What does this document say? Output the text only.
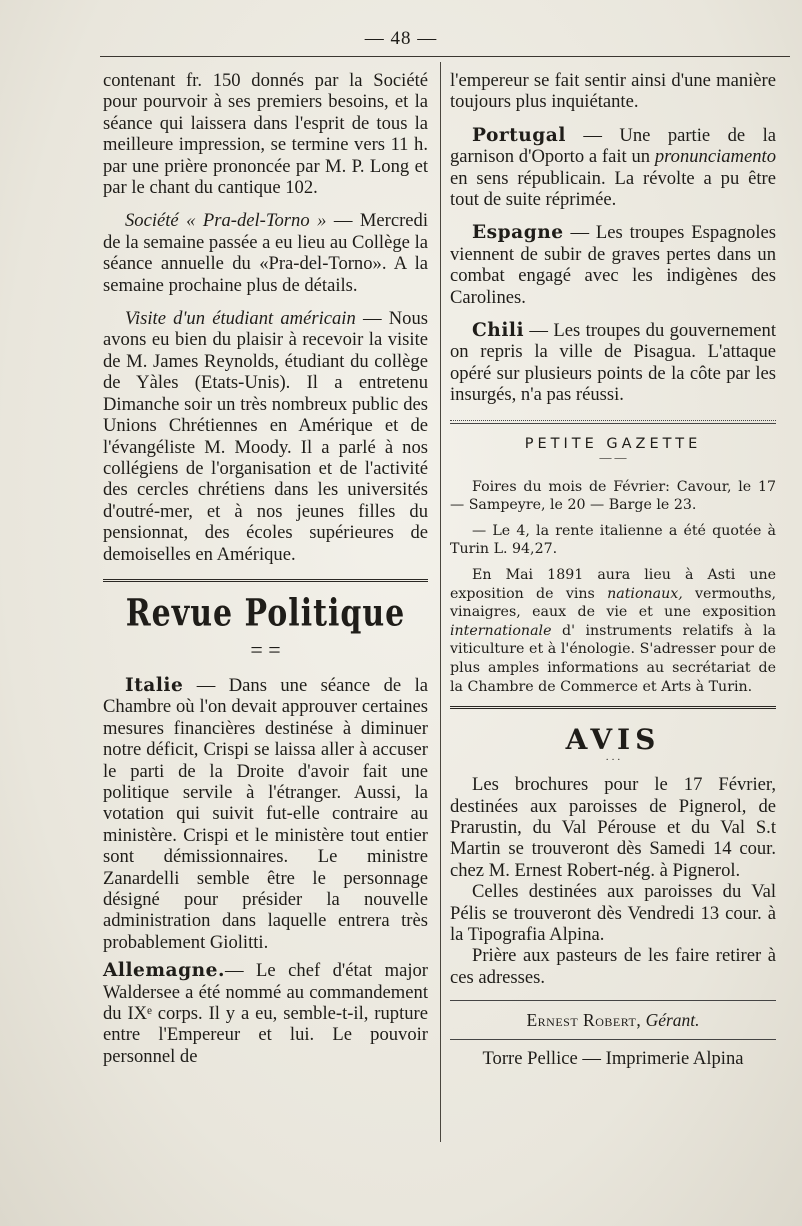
— 48 —

contenant fr. 150 donnés par la Société pour pourvoir à ses premiers besoins, et la séance qui laissera dans l'esprit de tous la meilleure impression, se termine vers 11 h. par une prière prononcée par M. P. Long et par le chant du cantique 102.

Société « Pra-del-Torno » — Mercredi de la semaine passée a eu lieu au Collège la séance annuelle du «Pra-del-Torno». A la semaine prochaine plus de détails.

Visite d'un étudiant américain — Nous avons eu bien du plaisir à recevoir la visite de M. James Reynolds, étudiant du collège de Yàles (Etats-Unis). Il a entretenu Dimanche soir un très nombreux public des Unions Chrétiennes en Amérique et de l'évangéliste M. Moody. Il a parlé à nos collégiens de l'organisation et de l'activité des cercles chrétiens dans les universités d'outré-mer, et à nos jeunes filles du pensionnat, des écoles supérieures de demoiselles en Amérique.

Revue Politique
= =

Italie — Dans une séance de la Chambre où l'on devait approuver certaines mesures financières destinése à diminuer notre déficit, Crispi se laissa aller à accuser le parti de la Droite d'avoir fait une politique servile à l'étranger. Aussi, la votation qui suivit fut-elle contraire au ministère. Crispi et le ministère tout entier sont démissionnaires. Le ministre Zanardelli semble être le personnage désigné pour présider la nouvelle administration dans laquelle entrera très probablement Giolitti.

Allemagne.— Le chef d'état major Waldersee a été nommé au commandement du IXᵉ corps. Il y a eu, semble-t-il, rupture entre l'Empereur et lui. Le pouvoir personnel de

l'empereur se fait sentir ainsi d'une manière toujours plus inquiétante.

Portugal — Une partie de la garnison d'Oporto a fait un pronunciamento en sens républicain. La révolte a pu être tout de suite réprimée.

Espagne — Les troupes Espagnoles viennent de subir de graves pertes dans un combat engagé avec les indigènes des Carolines.

Chili — Les troupes du gouvernement on repris la ville de Pisagua. L'attaque opéré sur plusieurs points de la côte par les insurgés, n'a pas réussi.

PETITE GAZETTE
— —

Foires du mois de Février: Cavour, le 17 — Sampeyre, le 20 — Barge le 23.

— Le 4, la rente italienne a été quotée à Turin L. 94,27.

En Mai 1891 aura lieu à Asti une exposition de vins nationaux, vermouths, vinaigres, eaux de vie et une exposition internationale d' instruments relatifs à la viticulture et à l'énologie. S'adresser pour de plus amples informations au secrétariat de la Chambre de Commerce et Arts à Turin.

AVIS
· · ·

Les brochures pour le 17 Février, destinées aux paroisses de Pignerol, de Prarustin, du Val Pérouse et du Val S.t Martin se trouveront dès Samedi 14 cour. chez M. Ernest Robert-nég. à Pignerol.

Celles destinées aux paroisses du Val Pélis se trouveront dès Vendredi 13 cour. à la Tipografia Alpina.

Prière aux pasteurs de les faire retirer à ces adresses.

Ernest Robert, Gérant.
Torre Pellice — Imprimerie Alpina
